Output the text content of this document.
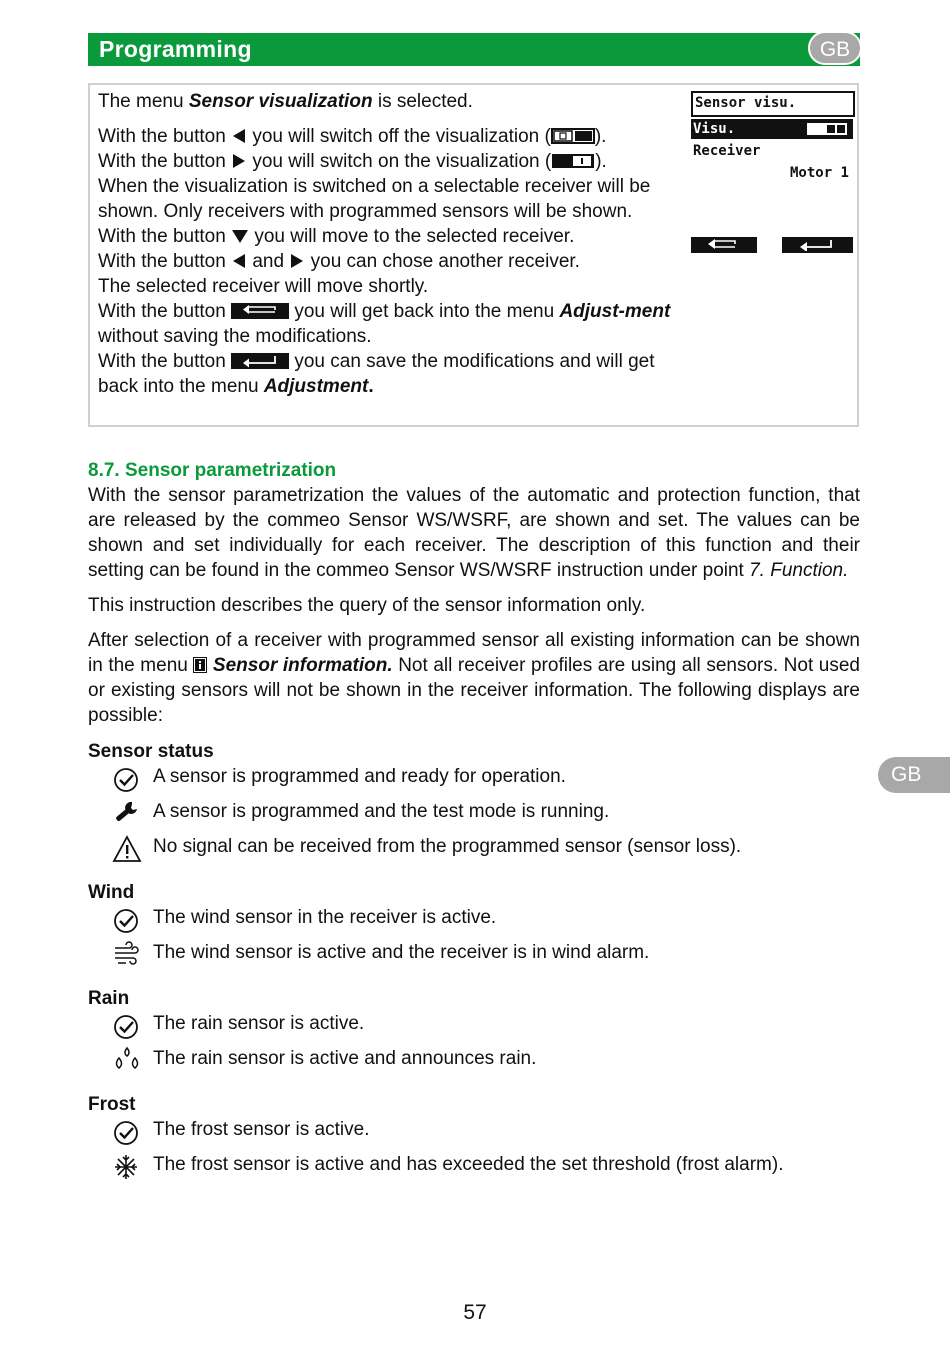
Programming	GB
GB

The menu Sensor visualization is selected.

With the button  you will switch off the visualization ( ).

With the button  you will switch on the visualization ( ).

When the visualization is switched on a selectable receiver will be shown. Only receivers with programmed sensors will be shown.

With the button  you will move to the selected receiver.

With the button  and  you can chose another receiver.

The selected receiver will move shortly.

With the button	you will get back into the menu Adjust-ment without saving the modifications.

With the button	you can save the modifications and will get back into the menu Adjustment.

Sensor visu.
Visu.
Receiver
Motor 1

8.7. Sensor parametrization

With the sensor parametrization the values of the automatic and protection function, that are released by the commeo Sensor WS/WSRF, are shown and set. The values can be shown and set individually for each receiver. The description of this function and their setting can be found in the commeo Sensor WS/WSRF instruction under point 7. Function.

This instruction describes the query of the sensor information only.

After selection of a receiver with programmed sensor all existing information can be shown in the menu  Sensor information. Not all receiver profiles are using all sensors. Not used or existing sensors will not be shown in the receiver information. The following displays are possible:

Sensor status

A sensor is programmed and ready for operation.
A sensor is programmed and the test mode is running.
No signal can be received from the programmed sensor (sensor loss).

Wind

The wind sensor in the receiver is active.
The wind sensor is active and the receiver is in wind alarm.

Rain

The rain sensor is active.
The rain sensor is active and announces rain.

Frost

The frost sensor is active.
The frost sensor is active and has exceeded the set threshold (frost alarm).
57
